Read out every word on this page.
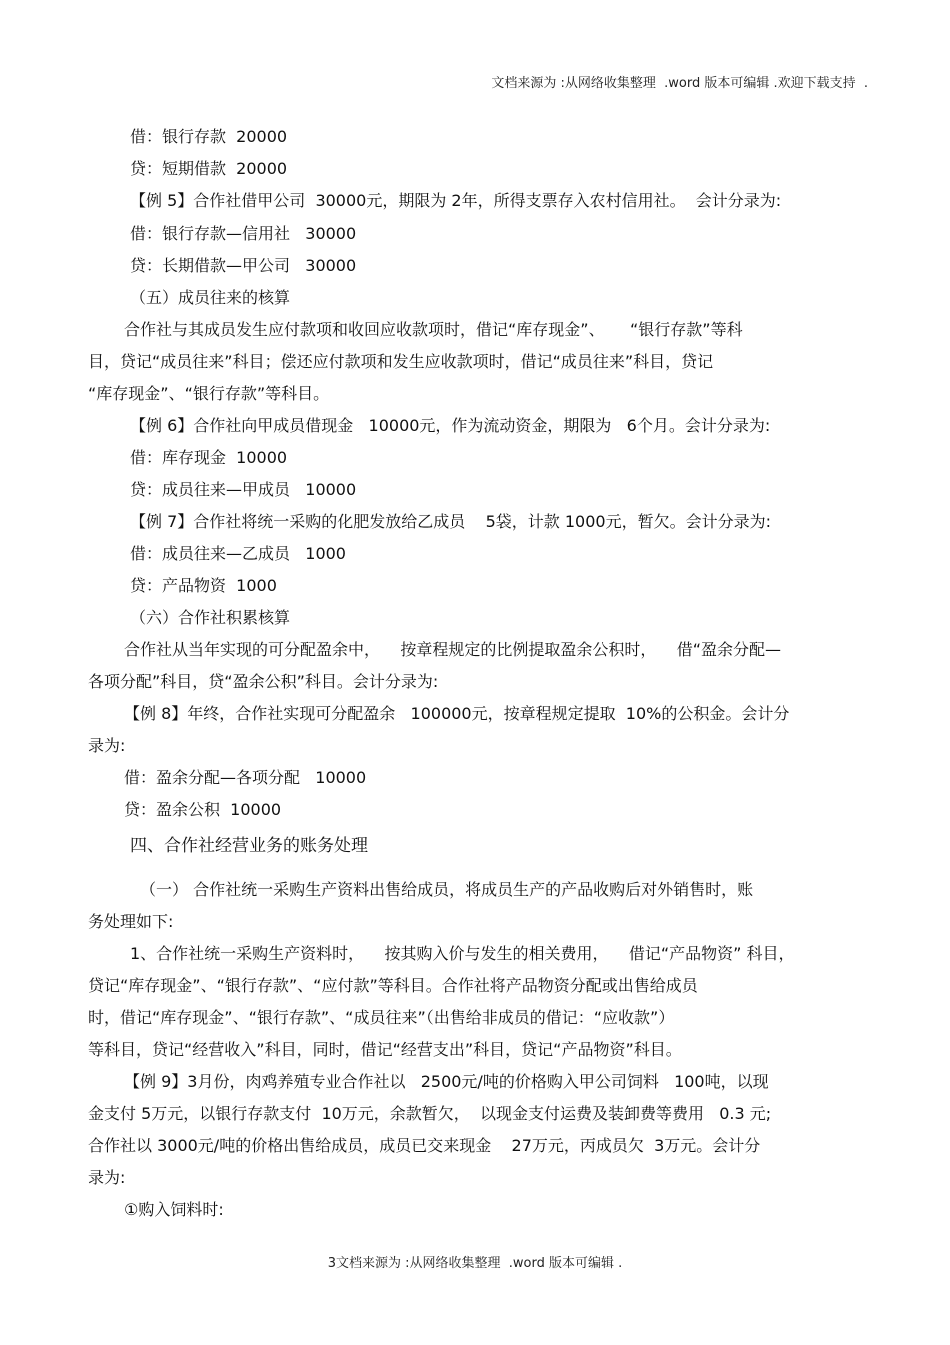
文档来源为 :从网络收集整理  .word 版本可编辑 .欢迎下载支持  .
借：银行存款  20000
贷：短期借款  20000
【例 5】合作社借甲公司  30000元，期限为 2年，所得支票存入农村信用社。  会计分录为:
借：银行存款—信用社   30000
贷：长期借款—甲公司   30000
（五）成员往来的核算
合作社与其成员发生应付款项和收回应收款项时，借记“库存现金”、     “银行存款”等科
目，贷记“成员往来”科目；偿还应付款项和发生应收款项时，借记“成员往来”科目，贷记
“库存现金”、“银行存款”等科目。
【例 6】合作社向甲成员借现金   10000元，作为流动资金，期限为   6个月。会计分录为:
借：库存现金  10000
贷：成员往来—甲成员   10000
【例 7】合作社将统一采购的化肥发放给乙成员    5袋，计款 1000元，暂欠。会计分录为:
借：成员往来—乙成员   1000
贷：产品物资  1000
（六）合作社积累核算
合作社从当年实现的可分配盈余中，    按章程规定的比例提取盈余公积时，    借“盈余分配—
各项分配”科目，贷“盈余公积”科目。会计分录为:
【例 8】年终，合作社实现可分配盈余   100000元，按章程规定提取  10%的公积金。会计分
录为:
借：盈余分配—各项分配   10000
贷：盈余公积  10000
四、合作社经营业务的账务处理
（一） 合作社统一采购生产资料出售给成员，将成员生产的产品收购后对外销售时，账
务处理如下:
1、合作社统一采购生产资料时，    按其购入价与发生的相关费用，    借记“产品物资” 科目，
贷记“库存现金”、“银行存款”、“应付款”等科目。合作社将产品物资分配或出售给成员
时，借记“库存现金”、“银行存款”、“成员往来”（出售给非成员的借记：“应收款”）
等科目，贷记“经营收入”科目，同时，借记“经营支出”科目，贷记“产品物资”科目。
【例 9】3月份，肉鸡养殖专业合作社以   2500元/吨的价格购入甲公司饲料   100吨，以现
金支付 5万元，以银行存款支付  10万元，余款暂欠，  以现金支付运费及装卸费等费用   0.3 元;
合作社以 3000元/吨的价格出售给成员，成员已交来现金    27万元，丙成员欠  3万元。会计分
录为:
①购入饲料时:
3文档来源为 :从网络收集整理  .word 版本可编辑 .
